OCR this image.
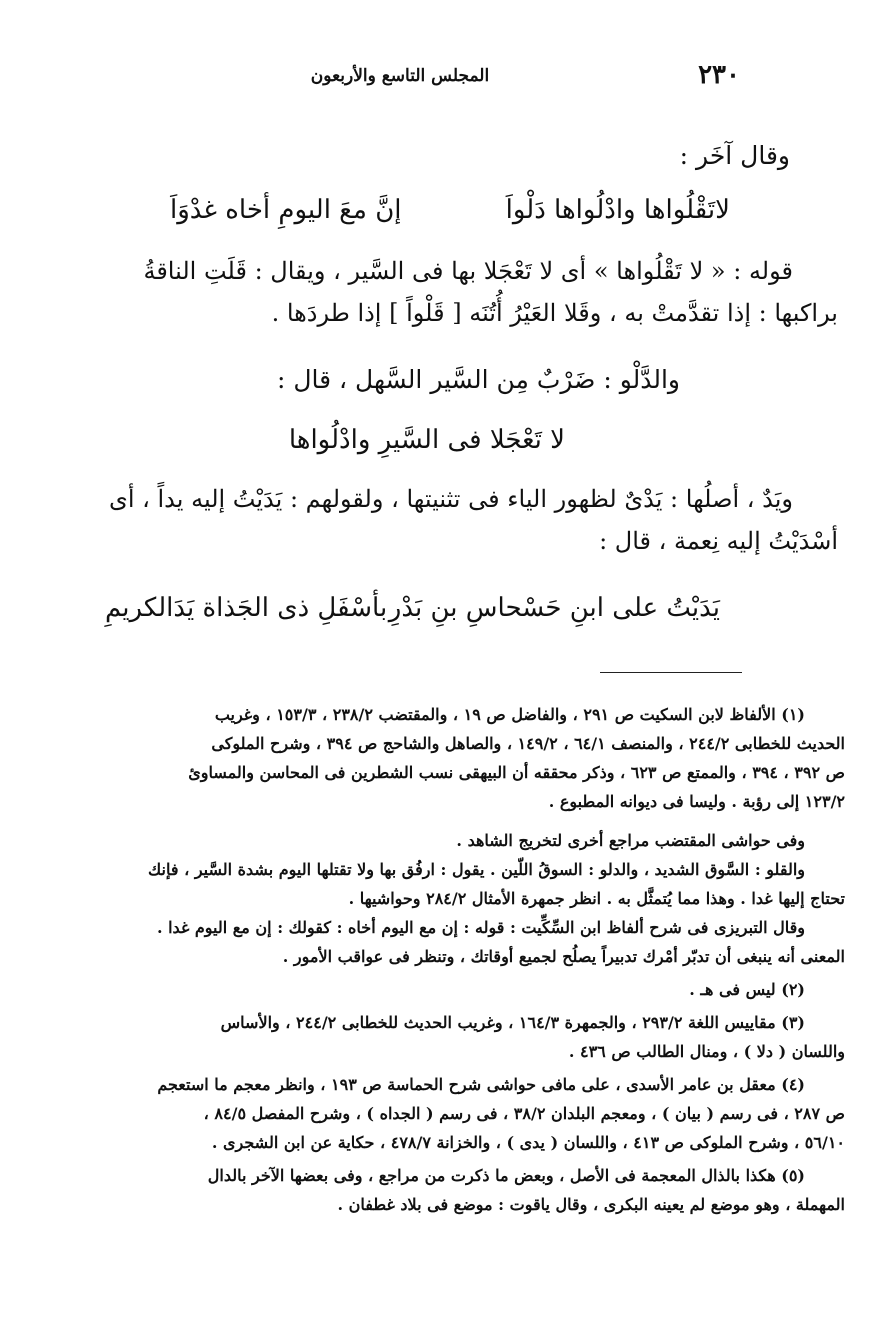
٢٣٠
المجلس التاسع والأربعون
وقال آخَر :
لاتَقْلُواها وادْلُواها دَلْواَ
إنَّ معَ اليومِ أخاه غدْوَاَ
قوله : « لا تَقْلُواها » أى لا تَعْجَلا بها فى السَّير ، ويقال : قَلَتِ الناقةُ
براكبها : إذا تقدَّمتْ به ، وقَلا العَيْرُ أُتُنَه [ قَلْواً ] إذا طردَها .
والدَّلْو : ضَرْبٌ مِن السَّير السَّهل ، قال :
لا تَعْجَلا فى السَّيرِ وادْلُواها
ويَدٌ ، أصلُها : يَدْىٌ لظهور الياء فى تثنيتها ، ولقولهم : يَدَيْتُ إليه يداً ، أى
أسْدَيْتُ إليه نِعمة ، قال :
يَدَيْتُ على ابنِ حَسْحاسِ بنِ بَدْرِ
بأسْفَلِ ذى الجَذاة يَدَالكريمِ
(١) الألفاظ لابن السكيت ص ٢٩١ ، والفاضل ص ١٩ ، والمقتضب ٢٣٨/٢ ، ١٥٣/٣ ، وغريب
الحديث للخطابى ٢٤٤/٢ ، والمنصف ٦٤/١ ، ١٤٩/٢ ، والصاهل والشاحج ص ٣٩٤ ، وشرح الملوكى
ص ٣٩٢ ، ٣٩٤ ، والممتع ص ٦٢٣ ، وذكر محققه أن البيهقى نسب الشطرين فى المحاسن والمساوئ
١٢٣/٢ إلى رؤبة . وليسا فى ديوانه المطبوع .
وفى حواشى المقتضب مراجع أخرى لتخريج الشاهد .
والقلو : السَّوق الشديد ، والدلو : السوقُ اللّين . يقول : ارفُق بها ولا تقتلها اليوم بشدة السَّير ، فإنك
تحتاج إليها غدا . وهذا مما يُتمثَّل به . انظر جمهرة الأمثال ٢٨٤/٢ وحواشيها .
وقال التبريزى فى شرح ألفاظ ابن السِّكِّيت : قوله : إن مع اليوم أخاه : كقولك : إن مع اليوم غدا .
المعنى أنه ينبغى أن تدبّر أمْرك تدبيراً يصلُح لجميع أوقاتك ، وتنظر فى عواقب الأمور .
(٢) ليس فى هـ .
(٣) مقاييس اللغة ٢٩٣/٢ ، والجمهرة ١٦٤/٣ ، وغريب الحديث للخطابى ٢٤٤/٢ ، والأساس
واللسان ( دلا ) ، ومنال الطالب ص ٤٣٦ .
(٤) معقل بن عامر الأسدى ، على مافى حواشى شرح الحماسة ص ١٩٣ ، وانظر معجم ما استعجم
ص ٢٨٧ ، فى رسم ( بيان ) ، ومعجم البلدان ٣٨/٢ ، فى رسم ( الجداه ) ، وشرح المفصل ٨٤/٥ ،
٥٦/١٠ ، وشرح الملوكى ص ٤١٣ ، واللسان ( يدى ) ، والخزانة ٤٧٨/٧ ، حكاية عن ابن الشجرى .
(٥) هكذا بالذال المعجمة فى الأصل ، وبعض ما ذكرت من مراجع ، وفى بعضها الآخر بالدال
المهملة ، وهو موضع لم يعينه البكرى ، وقال ياقوت : موضع فى بلاد غطفان .
